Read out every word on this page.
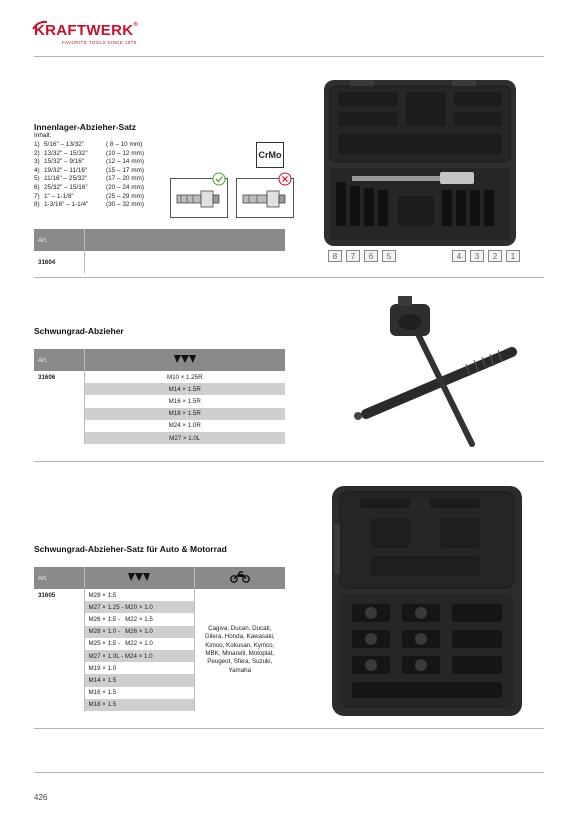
KRAFTWERK®
FAVORITE TOOLS SINCE 1979
Innenlager-Abzieher-Satz
Inhalt:
1) 5/16" – 13/32"	( 8 – 10 mm)
2) 13/32" – 15/32"	(10 – 12 mm)
3) 15/32" – 9/16"	(12 – 14 mm)
4) 19/32" – 11/16"	(15 – 17 mm)
5) 11/16" – 25/32"	(17 – 20 mm)
6) 25/32" – 15/16"	(20 – 24 mm)
7) 1" – 1-1/8"	(25 – 29 mm)
8) 1-3/16" – 1-1/4"	(30 – 32 mm)
CrMo
Art.	
31604	
8	7	6	5	4	3	2	1
Schwungrad-Abzieher
Art.	
31606	M10 × 1.25R
	M14 × 1.5R
	M16 × 1.5R
	M18 × 1.5R
	M24 × 1.0R
	M27 × 1.0L
Schwungrad-Abzieher-Satz für Auto & Motorrad
Art.		
31605	M28 × 1.5	Cagiva, Ducan, Ducati, Gilera, Honda, Kawasaki, Kimoo, Kokusan, Kymco, MBK, Minarelli, Motoplat, Peugeot, Sfera, Suzuki, Yamaha
	M27 × 1.25 - M20 × 1.0	
	M26 × 1.5 -   M22 × 1.5	
	M28 × 1.0 -   M26 × 1.0	
	M25 × 1.5 -   M22 × 1.0	
	M27 × 1.0L - M24 × 1.0	
	M19 × 1.0	
	M14 × 1.5	
	M16 × 1.5	
	M18 × 1.5	
426
